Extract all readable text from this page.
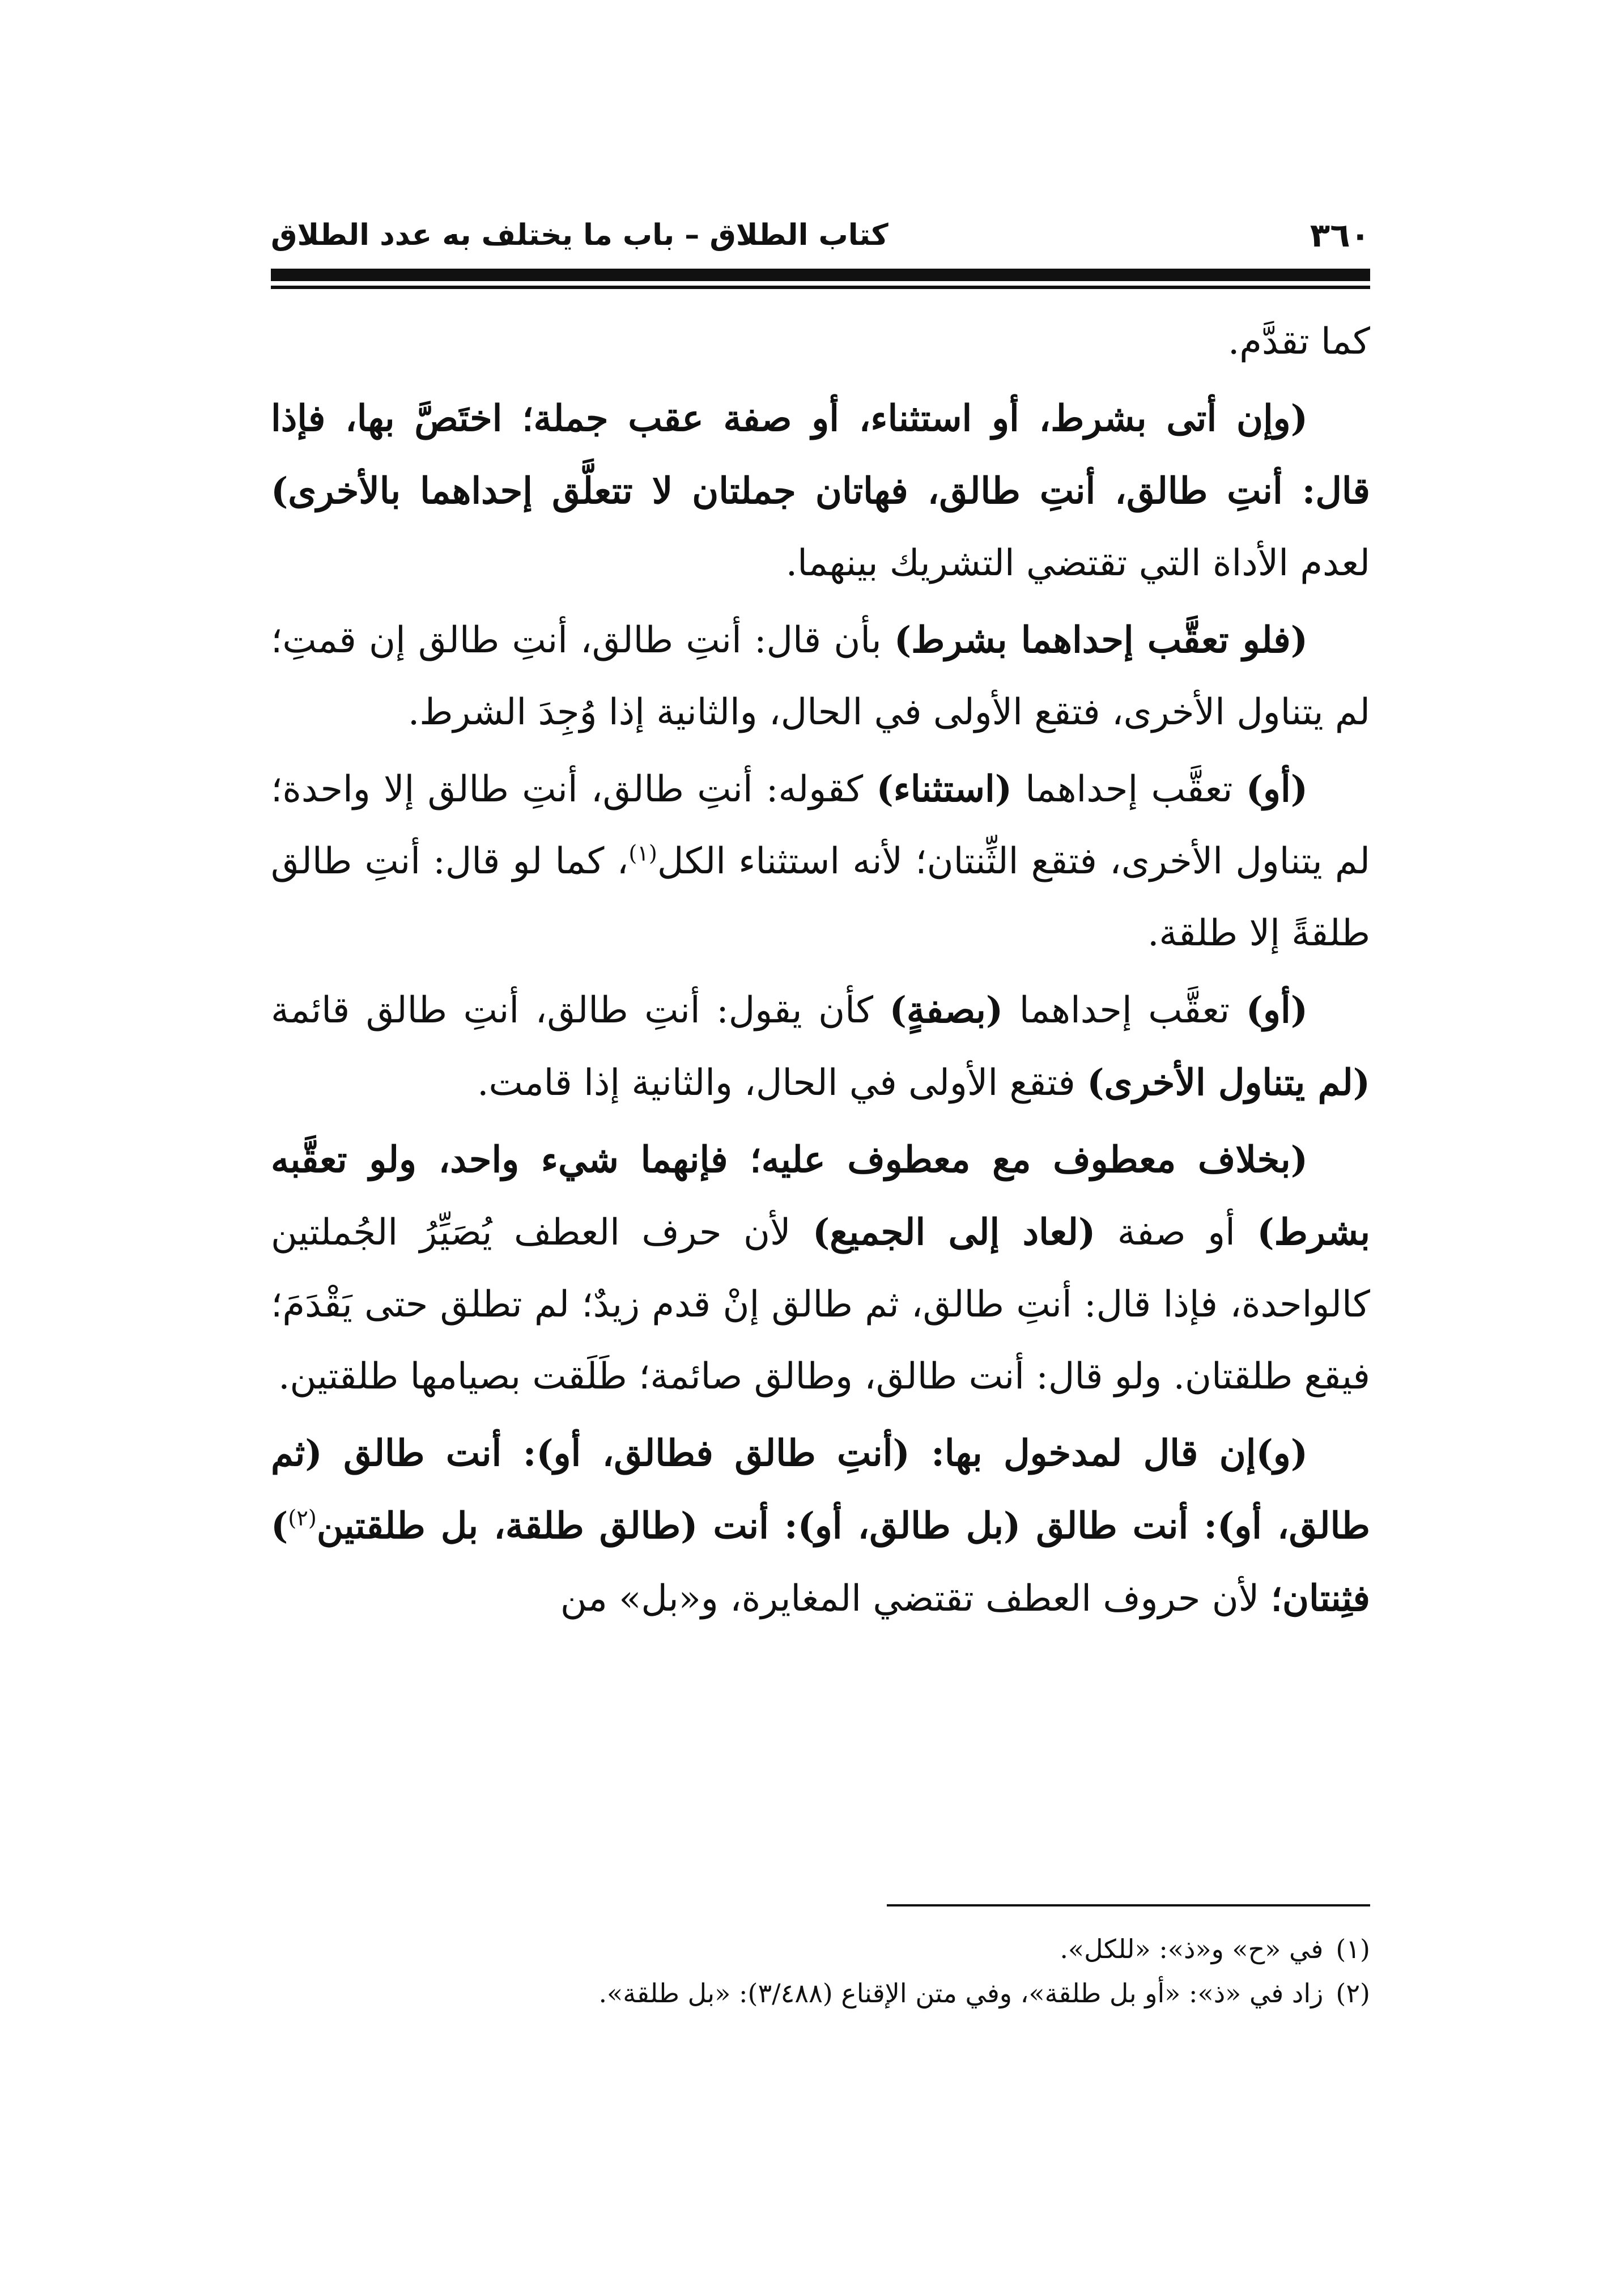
٣٦٠
كتاب الطلاق – باب ما يختلف به عدد الطلاق

كما تقدَّم.

(وإن أتى بشرط، أو استثناء، أو صفة عقب جملة؛ اختَصَّ بها، فإذا قال: أنتِ طالق، أنتِ طالق، فهاتان جملتان لا تتعلَّق إحداهما بالأخرى) لعدم الأداة التي تقتضي التشريك بينهما.

(فلو تعقَّب إحداهما بشرط) بأن قال: أنتِ طالق، أنتِ طالق إن قمتِ؛ لم يتناول الأخرى، فتقع الأولى في الحال، والثانية إذا وُجِدَ الشرط.

(أو) تعقَّب إحداهما (استثناء) كقوله: أنتِ طالق، أنتِ طالق إلا واحدة؛ لم يتناول الأخرى، فتقع الثِّنتان؛ لأنه استثناء الكل$^{(١)}$، كما لو قال: أنتِ طالق طلقةً إلا طلقة.

(أو) تعقَّب إحداهما (بصفةٍ) كأن يقول: أنتِ طالق، أنتِ طالق قائمة (لم يتناول الأخرى) فتقع الأولى في الحال، والثانية إذا قامت.

(بخلاف معطوف مع معطوف عليه؛ فإنهما شيء واحد، ولو تعقَّبه بشرط) أو صفة (لعاد إلى الجميع) لأن حرف العطف يُصَيِّرُ الجُملتين كالواحدة، فإذا قال: أنتِ طالق، ثم طالق إنْ قدم زيدٌ؛ لم تطلق حتى يَقْدَمَ؛ فيقع طلقتان. ولو قال: أنت طالق، وطالق صائمة؛ طَلَقت بصيامها طلقتين.

(و)إن قال لمدخول بها: (أنتِ طالق فطالق، أو): أنت طالق (ثم طالق، أو): أنت طالق (بل طالق، أو): أنت (طالق طلقة، بل طلقتين$^{(٢)}$) فثِنتان؛ لأن حروف العطف تقتضي المغايرة، و«بل» من

(١)في «ح» و«ذ»: «للكل».

(٢)زاد في «ذ»: «أو بل طلقة»، وفي متن الإقناع (٣/٤٨٨): «بل طلقة».
